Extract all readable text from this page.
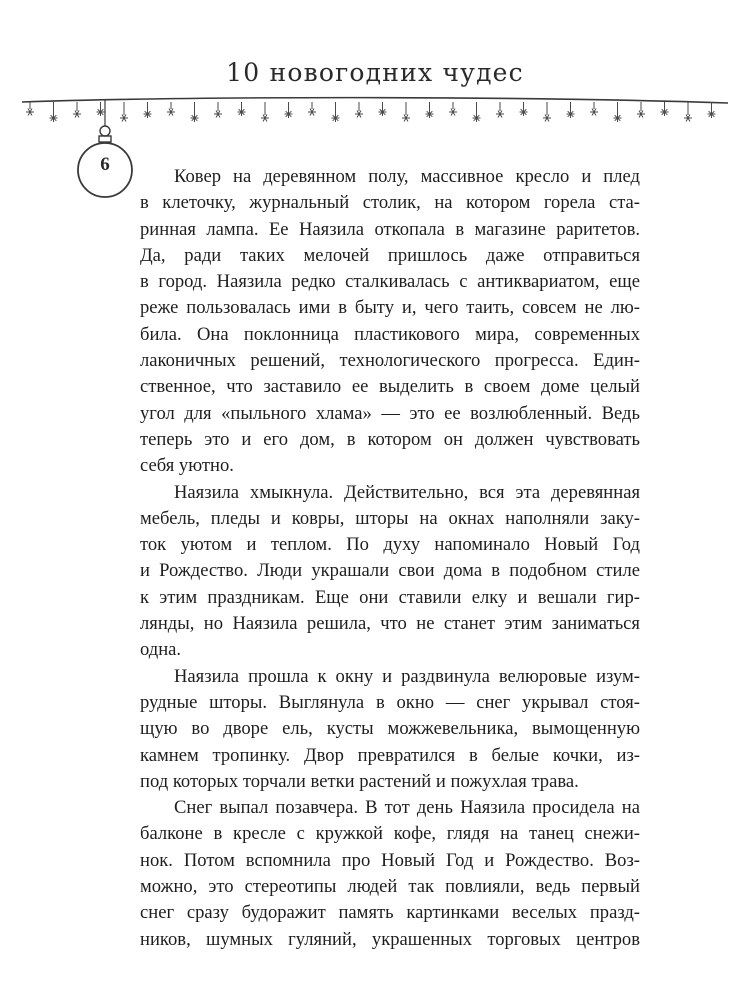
10 новогодних чудес
6

Ковер на деревянном полу, массивное кресло и плед
в клеточку, журнальный столик, на котором горела ста-
ринная лампа. Ее Наязила откопала в магазине раритетов.
Да, ради таких мелочей пришлось даже отправиться
в город. Наязила редко сталкивалась с антиквариатом, еще
реже пользовалась ими в быту и, чего таить, совсем не лю-
била. Она поклонница пластикового мира, современных
лаконичных решений, технологического прогресса. Един-
ственное, что заставило ее выделить в своем доме целый
угол для «пыльного хлама» — это ее возлюбленный. Ведь
теперь это и его дом, в котором он должен чувствовать
себя уютно.

Наязила хмыкнула. Действительно, вся эта деревянная
мебель, пледы и ковры, шторы на окнах наполняли заку-
ток уютом и теплом. По духу напоминало Новый Год
и Рождество. Люди украшали свои дома в подобном стиле
к этим праздникам. Еще они ставили елку и вешали гир-
лянды, но Наязила решила, что не станет этим заниматься
одна.

Наязила прошла к окну и раздвинула велюровые изум-
рудные шторы. Выглянула в окно — снег укрывал стоя-
щую во дворе ель, кусты можжевельника, вымощенную
камнем тропинку. Двор превратился в белые кочки, из-
под которых торчали ветки растений и пожухлая трава.

Снег выпал позавчера. В тот день Наязила просидела на
балконе в кресле с кружкой кофе, глядя на танец снежи-
нок. Потом вспомнила про Новый Год и Рождество. Воз-
можно, это стереотипы людей так повлияли, ведь первый
снег сразу будоражит память картинками веселых празд-
ников, шумных гуляний, украшенных торговых центров
